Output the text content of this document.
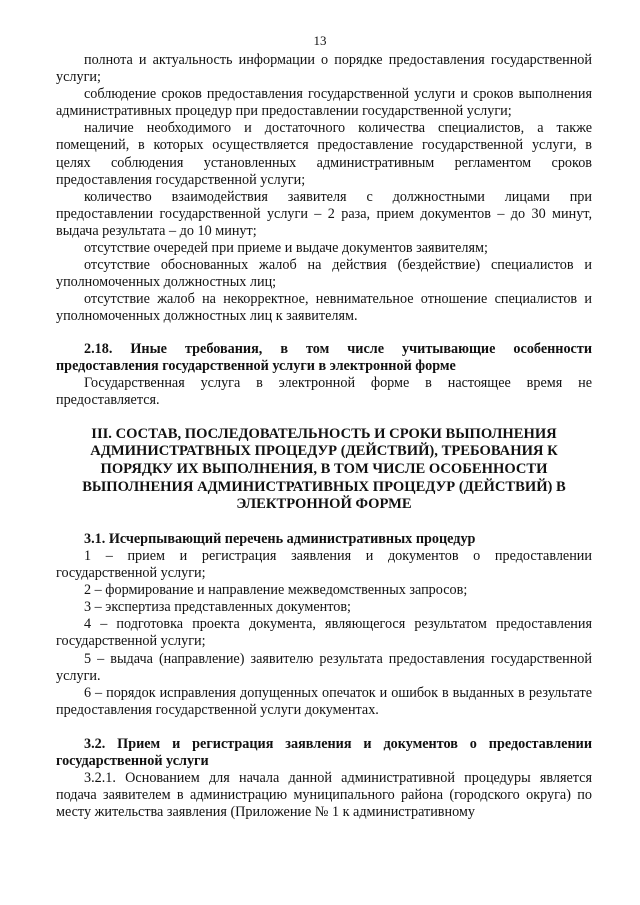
13

полнота и актуальность информации о порядке предоставления государственной услуги;

соблюдение сроков предоставления государственной услуги и сроков выполнения административных процедур при предоставлении государственной услуги;

наличие необходимого и достаточного количества специалистов, а также помещений, в которых осуществляется предоставление государственной услуги, в целях соблюдения установленных административным регламентом сроков предоставления государственной услуги;

количество взаимодействия заявителя с должностными лицами при предоставлении государственной услуги – 2 раза, прием документов – до 30 минут, выдача результата – до 10 минут;

отсутствие очередей при приеме и выдаче документов заявителям;

отсутствие обоснованных жалоб на действия (бездействие) специалистов и уполномоченных должностных лиц;

отсутствие жалоб на некорректное, невнимательное отношение специалистов и уполномоченных должностных лиц к заявителям.

2.18. Иные требования, в том числе учитывающие особенности предоставления государственной услуги в электронной форме

Государственная услуга в электронной форме в настоящее время не предоставляется.

III. СОСТАВ, ПОСЛЕДОВАТЕЛЬНОСТЬ И СРОКИ ВЫПОЛНЕНИЯ АДМИНИСТРАТВНЫХ ПРОЦЕДУР (ДЕЙСТВИЙ), ТРЕБОВАНИЯ К ПОРЯДКУ ИХ ВЫПОЛНЕНИЯ, В ТОМ ЧИСЛЕ ОСОБЕННОСТИ ВЫПОЛНЕНИЯ АДМИНИСТРАТИВНЫХ ПРОЦЕДУР (ДЕЙСТВИЙ) В ЭЛЕКТРОННОЙ ФОРМЕ

3.1. Исчерпывающий перечень административных процедур

1 – прием и регистрация заявления и документов о предоставлении государственной услуги;

2 – формирование и направление межведомственных запросов;

3 – экспертиза представленных документов;

4 – подготовка проекта документа, являющегося результатом предоставления государственной услуги;

5 – выдача (направление) заявителю результата предоставления государственной услуги.

6 – порядок исправления допущенных опечаток и ошибок в выданных в результате предоставления государственной услуги документах.

3.2. Прием и регистрация заявления и документов о предоставлении государственной услуги

3.2.1. Основанием для начала данной административной процедуры является подача заявителем в администрацию муниципального района (городского округа) по месту жительства заявления (Приложение № 1 к административному
